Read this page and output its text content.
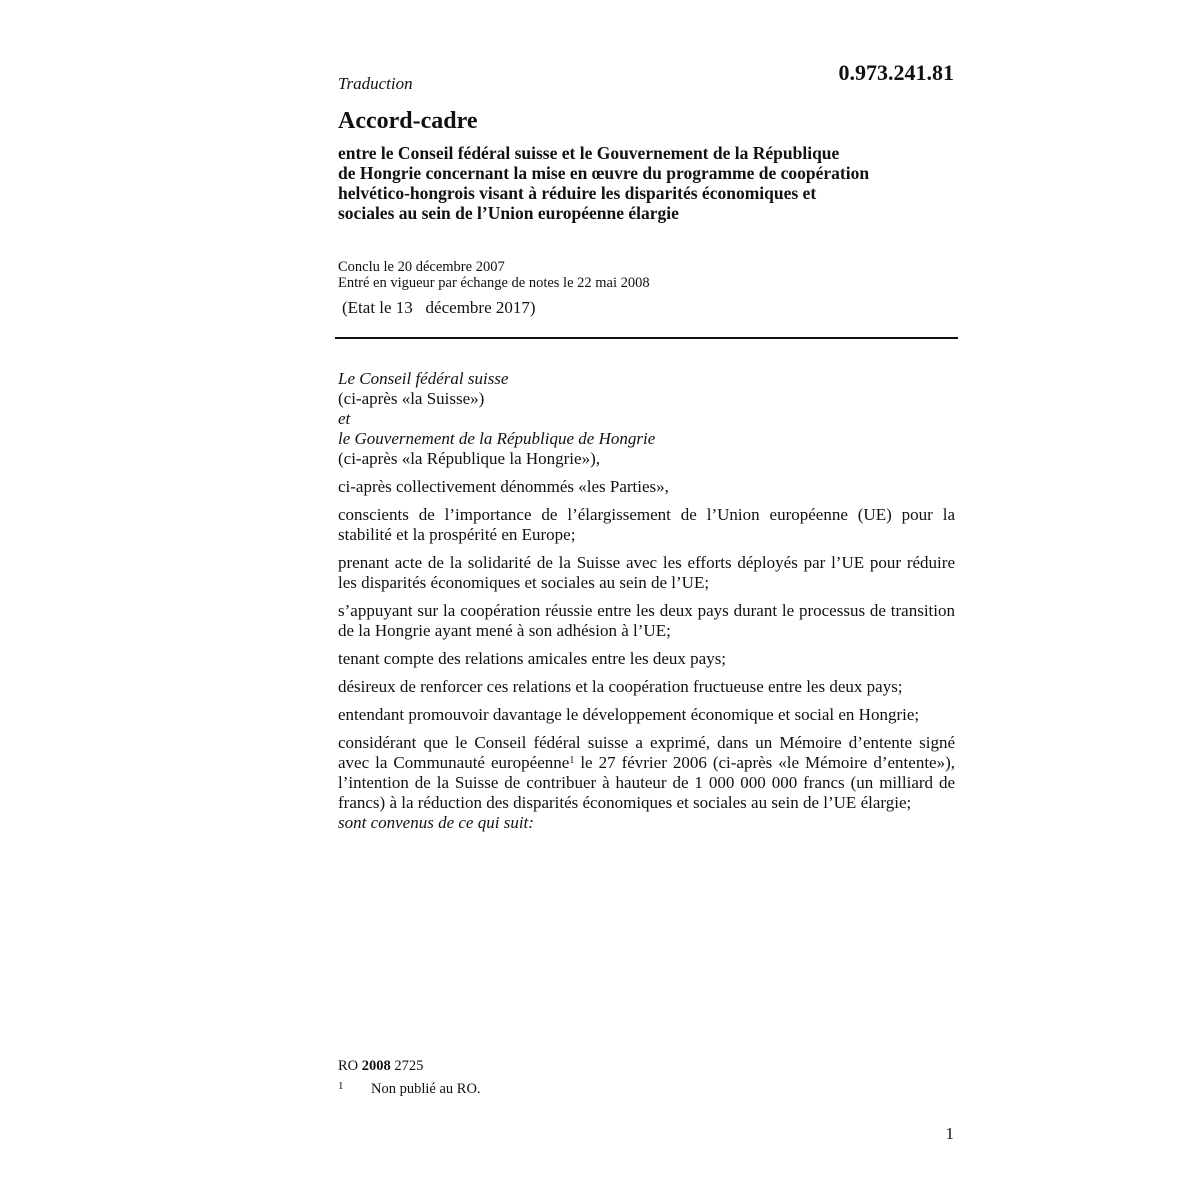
0.973.241.81
Traduction
Accord-cadre
entre le Conseil fédéral suisse et le Gouvernement de la République
de Hongrie concernant la mise en œuvre du programme de coopération
helvético-hongrois visant à réduire les disparités économiques et
sociales au sein de l’Union européenne élargie
Conclu le 20 décembre 2007
Entré en vigueur par échange de notes le 22 mai 2008
(Etat le 13   décembre 2017)
Le Conseil fédéral suisse
(ci-après «la Suisse»)
et
le Gouvernement de la République de Hongrie
(ci-après «la République la Hongrie»),

ci-après collectivement dénommés «les Parties»,

conscients de l’importance de l’élargissement de l’Union européenne (UE) pour la stabilité et la prospérité en Europe;

prenant acte de la solidarité de la Suisse avec les efforts déployés par l’UE pour réduire les disparités économiques et sociales au sein de l’UE;

s’appuyant sur la coopération réussie entre les deux pays durant le processus de transition de la Hongrie ayant mené à son adhésion à l’UE;

tenant compte des relations amicales entre les deux pays;

désireux de renforcer ces relations et la coopération fructueuse entre les deux pays;

entendant promouvoir davantage le développement économique et social en Hongrie;

considérant que le Conseil fédéral suisse a exprimé, dans un Mémoire d’entente signé avec la Communauté européenne$^1$ le 27 février 2006 (ci-après «le Mémoire d’entente»), l’intention de la Suisse de contribuer à hauteur de 1 000 000 000 francs (un milliard de francs) à la réduction des disparités économiques et sociales au sein de l’UE élargie;

sont convenus de ce qui suit:

RO 2008 2725
1 Non publié au RO.
1
